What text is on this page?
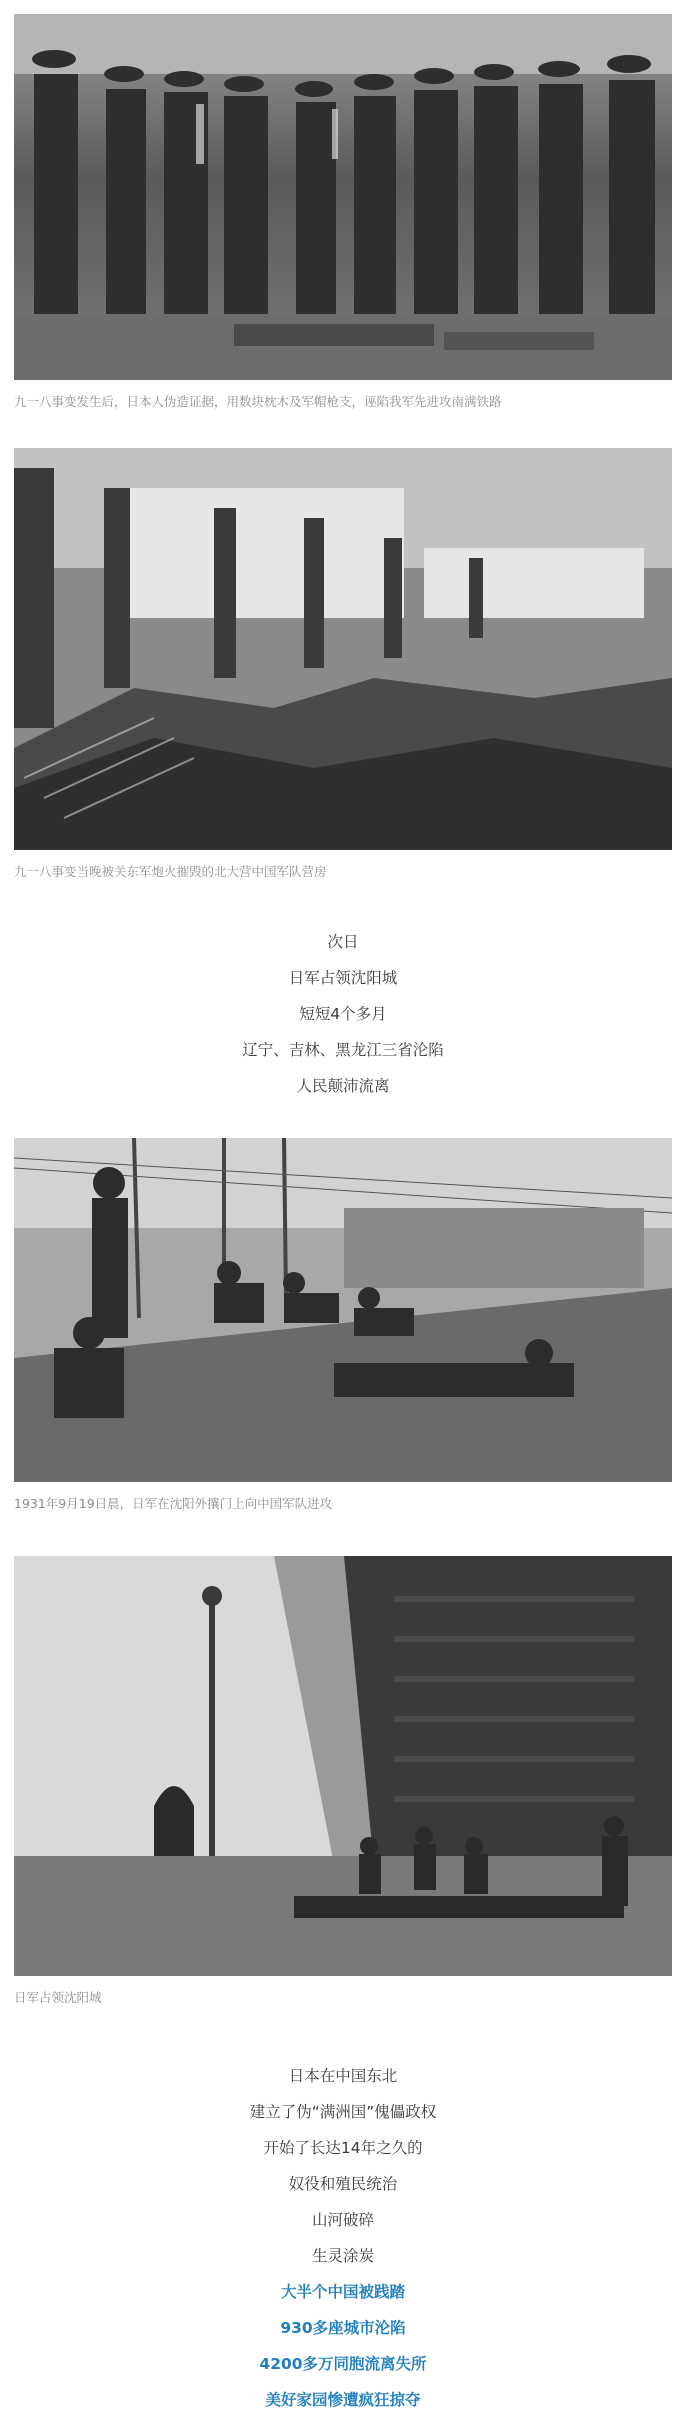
九一八事变发生后，日本人伪造证据，用数块枕木及军帽枪支，诬陷我军先进攻南满铁路
九一八事变当晚被关东军炮火摧毁的北大营中国军队营房
次日
日军占领沈阳城
短短4个多月
辽宁、吉林、黑龙江三省沦陷
人民颠沛流离
1931年9月19日晨，日军在沈阳外攘门上向中国军队进攻
日军占领沈阳城
日本在中国东北
建立了伪“满洲国”傀儡政权
开始了长达14年之久的
奴役和殖民统治
山河破碎
生灵涂炭
大半个中国被践踏
930多座城市沦陷
4200多万同胞流离失所
美好家园惨遭疯狂掠夺
